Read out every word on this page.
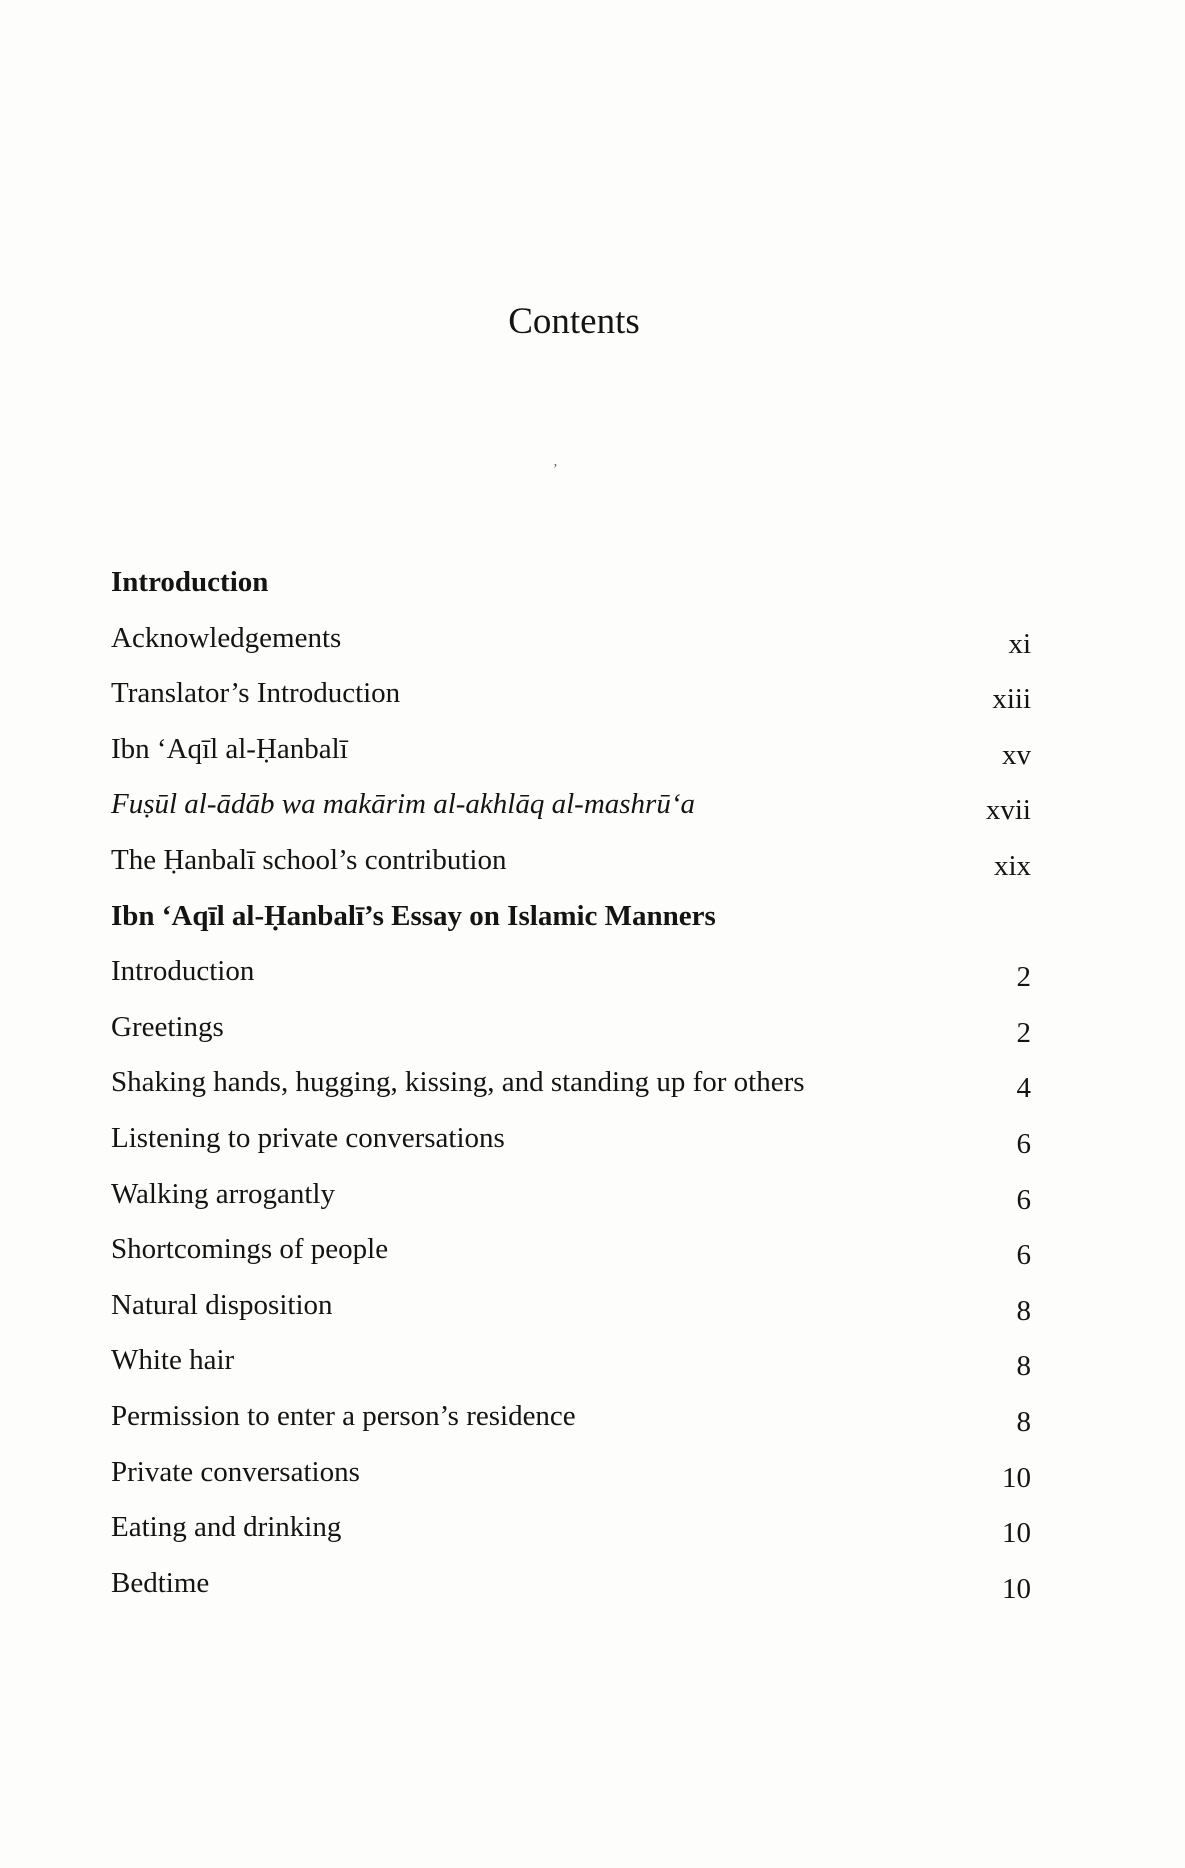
Contents
ʼ
Introduction
Acknowledgements	xi
Translator’s Introduction	xiii
Ibn ‘Aqīl al-Ḥanbalī	xv
Fuṣūl al-ādāb wa makārim al-akhlāq al-mashrū‘a	xvii
The Ḥanbalī school’s contribution	xix
Ibn ‘Aqīl al-Ḥanbalī’s Essay on Islamic Manners
Introduction	2
Greetings	2
Shaking hands, hugging, kissing, and standing up for others	4
Listening to private conversations	6
Walking arrogantly	6
Shortcomings of people	6
Natural disposition	8
White hair	8
Permission to enter a person’s residence	8
Private conversations	10
Eating and drinking	10
Bedtime	10
